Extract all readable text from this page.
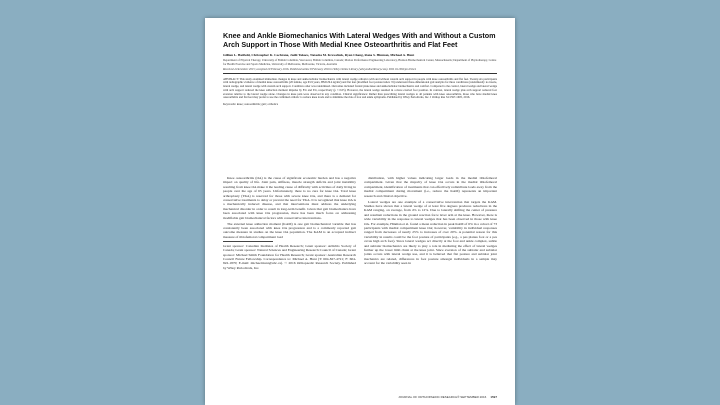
Knee and Ankle Biomechanics With Lateral Wedges With and Without a Custom Arch Support in Those With Medial Knee Osteoarthritis and Flat Feet
Gillian L. Hatfield, Christopher K. Cochrane, Judit Takacs, Natasha M. Krowchuk, Ryan Chang, Rana S. Hinman, Michael A. Hunt
Department of Physical Therapy, University of British Columbia, Vancouver, British Columbia, Canada; Motion Performance Engineering Laboratory, Hudson Biomechanical Center, Massachusetts; Department of Physiotherapy, Centre for Health Exercise and Sports Medicine, University of Melbourne, Melbourne, Victoria, Australia
Received 4 December 2015; accepted 29 February 2016. Published online 8 February 2016 in Wiley Online Library (wileyonlinelibrary.com). DOI 10.1002/jor.23224
ABSTRACT: This study examined immediate changes in knee and ankle/subtalar biomechanics with lateral wedge orthotics with and without custom arch support in people with knee osteoarthritis and flat feet. Twenty-six participants with radiographic evidence of medial knee osteoarthritis (20 female, age 63.9 years, BMI 29.4 kg/m2) and flat feet (modified foot posture index >6) underwent three-dimensional gait analysis for three conditions (randomized): no insole, lateral wedge, and lateral wedge with custom arch support. Condition order was randomized. Outcomes included frontal plane knee and ankle/subtalar biomechanics and comfort. Compared to the control, lateral wedge and lateral wedge with arch support reduced the knee adduction moment impulse by 8% and 6%, respectively (p < 0.05). However, the lateral wedge resulted in a more everted foot position. In contrast, lateral wedge plus arch support reduced foot eversion relative to the lateral wedge alone. Changes in knee pain were observed in any condition. Clinical significance: Rather than prescribing lateral wedges to all patients with knee osteoarthritis, those who have medial knee osteoarthritis and flat feet may prefer to use the combined orthotic to reduce knee loads and to minimize the risk of foot and ankle symptoms. Published by Wiley Periodicals, Inc. J Orthop Res 34:1597-1605, 2016.
Keywords: knee; osteoarthritis; gait; orthotics

Knee osteoarthritis (OA) is the cause of significant economic burden and has a negative impact on quality of life. Joint pain, stiffness, muscle strength deficits and joint instability resulting from knee OA make it the leading cause of difficulty with activities of daily living in people over the age of 65 years. Unfortunately, there is no cure for knee OA. Total knee arthroplasty (TKA) is reserved for those with severe knee OA, and there is a demand for conservative treatments to delay or prevent the need for TKA. It is recognized that knee OA is a mechanically induced disease, and that interventions must address the underlying mechanical disorder in order to result in long-term benefit. Given that gait biomechanics have been associated with knee OA progression, there has been much focus on addressing modifiable gait biomechanical factors with conservative interventions.

The external knee adduction moment (KAM) is one gait biomechanical variable that has consistently been associated with knee OA progression and is a commonly reported gait outcome measure in studies on the knee OA population. The KAM is an accepted indirect measure of tibiofemoral compartment load

Grant sponsor: Canadian Institutes of Health Research; Grant sponsor: Arthritis Society of Canada; Grant sponsor: Natural Sciences and Engineering Research Council of Canada; Grant sponsor: Michael Smith Foundation for Health Research; Grant sponsor: Australian Research Council Future Fellowship. Correspondence to: Michael A. Hunt (T: 604-827-4721; F: 604-822-1870; E-mail: michael.hunt@ubc.ca). © 2016 Orthopaedic Research Society. Published by Wiley Periodicals, Inc.

distribution, with higher values indicating larger loads in the medial tibiofemoral compartment. Given that the majority of knee OA occurs in the medial tibiofemoral compartment, identification of treatments that can effectively redistribute loads away from the medial compartment during movement (i.e., reduce the KAM) represents an important research and clinical objective.

Lateral wedges are one example of a conservative intervention that targets the KAM. Studies have shown that a lateral wedge of at least five degrees produces reductions in the KAM ranging, on average, from 4% to 12%. Due to laterally shifting the center of pressure and resultant reductions in the ground reaction force lever arm at the knee. However, there is wide variability in the response to lateral wedges that has been observed in those with knee OA. For example, Hinman et al. found a mean reduction in peak KAM of 6% in a cohort of 73 participants with medial compartment knee OA; however, variability in individual responses ranged from decreases of nearly 25% to increases of over 20%. A potential reason for this variability in results could be the foot posture of participants (e.g., a pes planus foot or a pes cavus high arch foot). Since lateral wedges act directly at the foot and ankle complex, subtle and subtalar biomechanics are likely to play a role in mediating the effect of lateral wedges further up the lower limb chain at the knee joint. Since eversion of the subtalar and subtalar joints occurs with lateral wedge use, and it is believed that flat posture and subtalar joint mechanics are related, differences in foot posture amongst individuals in a sample may account for the variability seen in

JOURNAL OF ORTHOPAEDIC RESEARCH® SEPTEMBER 2016 1597
